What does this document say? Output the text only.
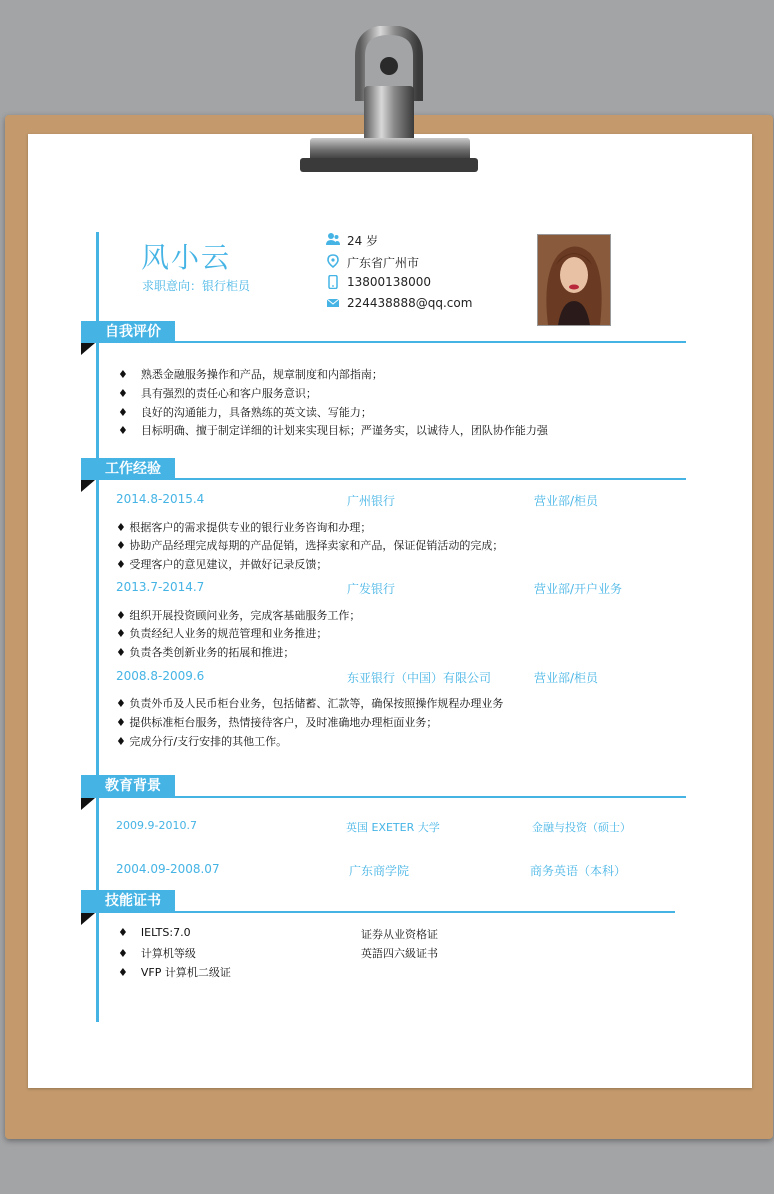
风小云
求职意向：银行柜员
24 岁
广东省广州市
13800138000
224438888@qq.com
自我评价
♦ 熟悉金融服务操作和产品，规章制度和内部指南；
♦ 具有强烈的责任心和客户服务意识；
♦ 良好的沟通能力，具备熟练的英文读、写能力；
♦ 目标明确、擅于制定详细的计划来实现目标；严谨务实，以诚待人，团队协作能力强
工作经验
2014.8-2015.4	广州银行	营业部/柜员
♦ 根据客户的需求提供专业的银行业务咨询和办理；
♦ 协助产品经理完成每期的产品促销，选择卖家和产品，保证促销活动的完成；
♦ 受理客户的意见建议，并做好记录反馈；
2013.7-2014.7	广发银行	营业部/开户业务
♦ 组织开展投资顾问业务，完成客基础服务工作；
♦ 负责经纪人业务的规范管理和业务推进；
♦ 负责各类创新业务的拓展和推进；
2008.8-2009.6	东亚银行（中国）有限公司	营业部/柜员
♦ 负责外币及人民币柜台业务，包括储蓄、汇款等，确保按照操作规程办理业务
♦ 提供标准柜台服务，热情接待客户，及时准确地办理柜面业务；
♦ 完成分行/支行安排的其他工作。
教育背景
2009.9-2010.7	英国 EXETER 大学	金融与投资（硕士）
2004.09-2008.07	广东商学院	商务英语（本科）
技能证书
♦ IELTS:7.0
♦ 计算机等级
♦ VFP 计算机二级证
证券从业资格证
英語四六級证书
